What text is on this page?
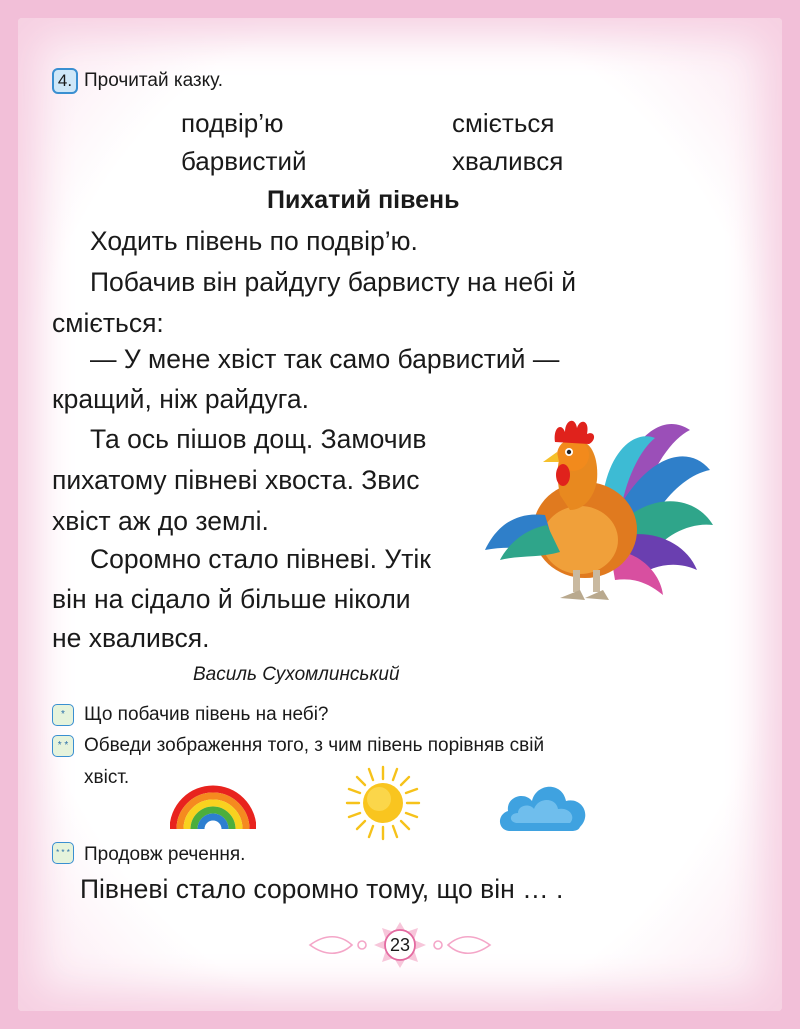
4. Прочитай казку.
подвір’ю	сміється
барвистий	хвалився
Пихатий півень
Ходить півень по подвір’ю.
Побачив він райдугу барвисту на небі й
сміється:
— У мене хвіст так само барвистий —
кращий, ніж райдуга.
Та ось пішов дощ. Замочив
пихатому півневі хвоста. Звис
хвіст аж до землі.
Соромно стало півневі. Утік
він на сідало й більше ніколи
не хвалився.
Василь Сухомлинський
* Що побачив півень на небі?
* * Обведи зображення того, з чим півень порівняв свій
хвіст.
* * * Продовж речення.
Півневі стало соромно тому, що він … .
23
